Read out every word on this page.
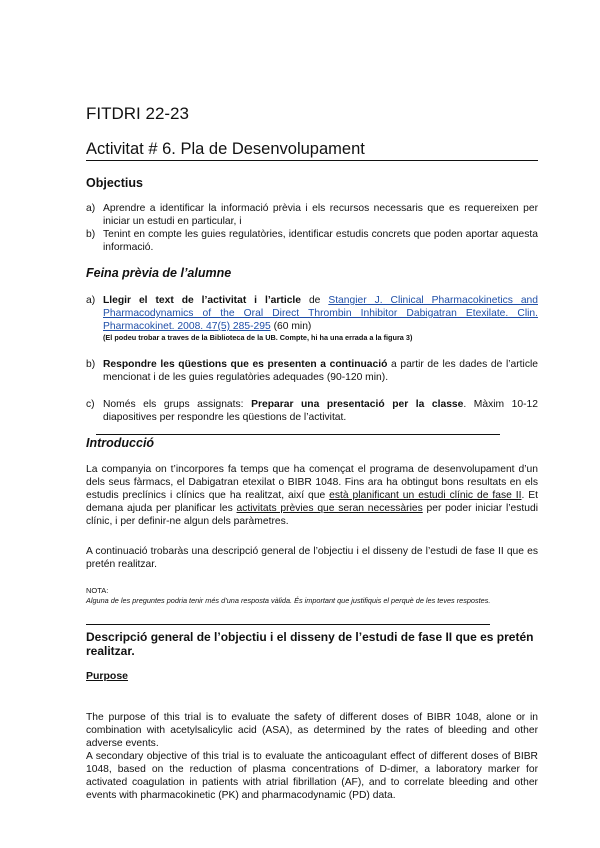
FITDRI 22-23
Activitat # 6. Pla de Desenvolupament
Objectius
a) Aprendre a identificar la informació prèvia i els recursos necessaris que es requereixen per iniciar un estudi en particular, i
b) Tenint en compte les guies regulatòries, identificar estudis concrets que poden aportar aquesta informació.
Feina prèvia de l’alumne
a) Llegir el text de l’activitat i l’article de Stangier J. Clinical Pharmacokinetics and Pharmacodynamics of the Oral Direct Thrombin Inhibitor Dabigatran Etexilate. Clin. Pharmacokinet. 2008. 47(5) 285-295 (60 min)
(El podeu trobar a traves de la Biblioteca de la UB. Compte, hi ha una errada a la figura 3)
b) Respondre les qüestions que es presenten a continuació a partir de les dades de l’article mencionat i de les guies regulatòries adequades (90-120 min).
c) Només els grups assignats: Preparar una presentació per la classe. Màxim 10-12 diapositives per respondre les qüestions de l’activitat.
Introducció
La companyia on t’incorpores fa temps que ha començat el programa de desenvolupament d’un dels seus fàrmacs, el Dabigatran etexilat o BIBR 1048. Fins ara ha obtingut bons resultats en els estudis preclínics i clínics que ha realitzat, així que està planificant un estudi clínic de fase II. Et demana ajuda per planificar les activitats prèvies que seran necessàries per poder iniciar l’estudi clínic, i per definir-ne algun dels paràmetres.
A continuació trobaràs una descripció general de l’objectiu i el disseny de l’estudi de fase II que es pretén realitzar.
NOTA:
Alguna de les preguntes podria tenir més d’una resposta vàlida. És important que justifiquis el perquè de les teves respostes.
Descripció general de l’objectiu i el disseny de l’estudi de fase II que es pretén realitzar.
Purpose
The purpose of this trial is to evaluate the safety of different doses of BIBR 1048, alone or in combination with acetylsalicylic acid (ASA), as determined by the rates of bleeding and other adverse events.
A secondary objective of this trial is to evaluate the anticoagulant effect of different doses of BIBR 1048, based on the reduction of plasma concentrations of D-dimer, a laboratory marker for activated coagulation in patients with atrial fibrillation (AF), and to correlate bleeding and other events with pharmacokinetic (PK) and pharmacodynamic (PD) data.
